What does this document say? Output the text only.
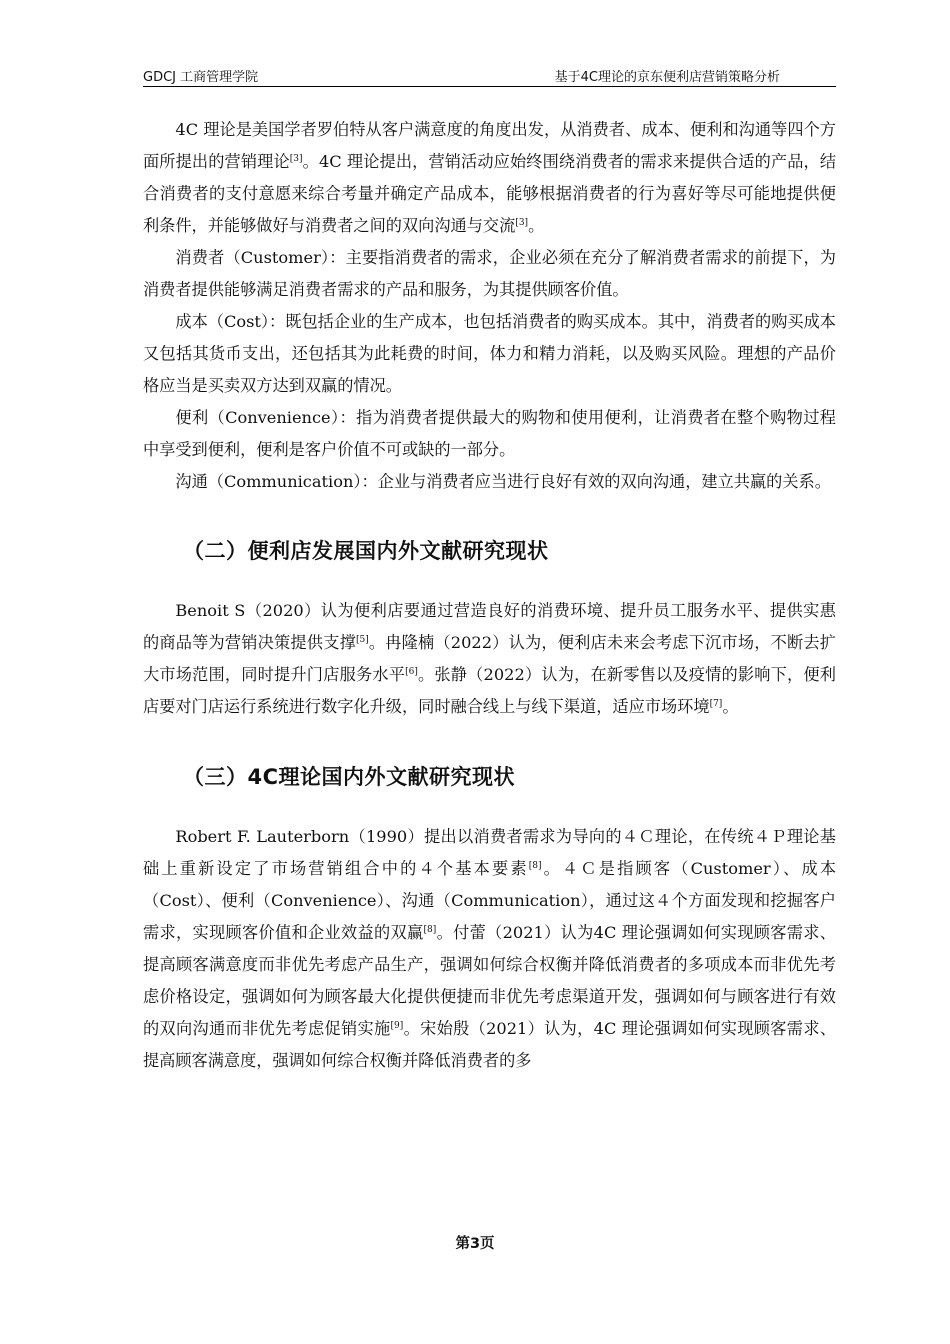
GDCJ 工商管理学院	基于4C理论的京东便利店营销策略分析

4C 理论是美国学者罗伯特从客户满意度的角度出发，从消费者、成本、便利和沟通等四个方面所提出的营销理论[3]。4C 理论提出，营销活动应始终围绕消费者的需求来提供合适的产品，结合消费者的支付意愿来综合考量并确定产品成本，能够根据消费者的行为喜好等尽可能地提供便利条件，并能够做好与消费者之间的双向沟通与交流[3]。

消费者（Customer）：主要指消费者的需求，企业必须在充分了解消费者需求的前提下，为消费者提供能够满足消费者需求的产品和服务，为其提供顾客价值。

成本（Cost）：既包括企业的生产成本，也包括消费者的购买成本。其中，消费者的购买成本又包括其货币支出，还包括其为此耗费的时间，体力和精力消耗，以及购买风险。理想的产品价格应当是买卖双方达到双赢的情况。

便利（Convenience）：指为消费者提供最大的购物和使用便利，让消费者在整个购物过程中享受到便利，便利是客户价值不可或缺的一部分。

沟通（Communication）：企业与消费者应当进行良好有效的双向沟通，建立共赢的关系。

（二）便利店发展国内外文献研究现状

Benoit S（2020）认为便利店要通过营造良好的消费环境、提升员工服务水平、提供实惠的商品等为营销决策提供支撑[5]。冉隆楠（2022）认为，便利店未来会考虑下沉市场，不断去扩大市场范围，同时提升门店服务水平[6]。张静（2022）认为，在新零售以及疫情的影响下，便利店要对门店运行系统进行数字化升级，同时融合线上与线下渠道，适应市场环境[7]。

（三）4C理论国内外文献研究现状

Robert F. Lauterborn（1990）提出以消费者需求为导向的４Ｃ理论，在传统４Ｐ理论基础上重新设定了市场营销组合中的４个基本要素[8]。４Ｃ是指顾客（Customer）、成本（Cost）、便利（Convenience）、沟通（Communication），通过这４个方面发现和挖掘客户需求，实现顾客价值和企业效益的双赢[8]。付蕾（2021）认为4C 理论强调如何实现顾客需求、提高顾客满意度而非优先考虑产品生产，强调如何综合权衡并降低消费者的多项成本而非优先考虑价格设定，强调如何为顾客最大化提供便捷而非优先考虑渠道开发，强调如何与顾客进行有效的双向沟通而非优先考虑促销实施[9]。宋始殷（2021）认为，4C 理论强调如何实现顾客需求、提高顾客满意度，强调如何综合权衡并降低消费者的多

第3页
